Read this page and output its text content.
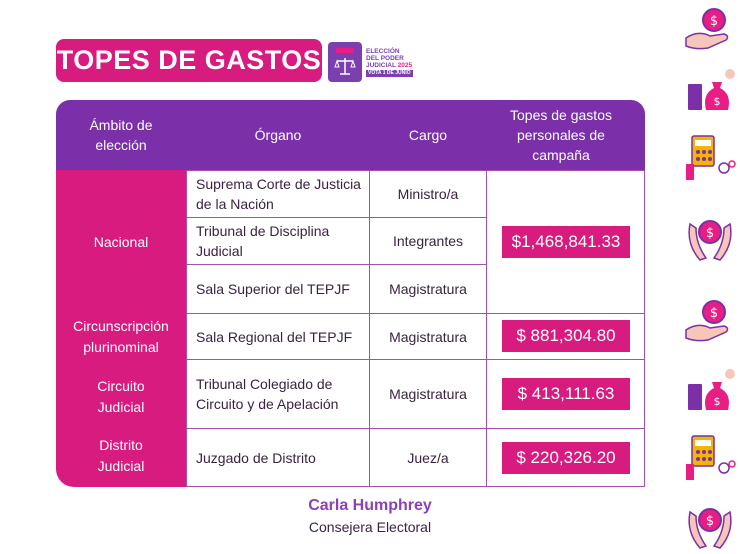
TOPES DE GASTOS	ELECCIÓN
DEL PODER
JUDICIAL 2025
VOTA 1 DE JUNIO
Ámbito de elección
Órgano	Cargo
Topes de gastos personales de campaña
Nacional
Circunscripción plurinominal
Circuito Judicial
Distrito Judicial
Suprema Corte de Justicia de la Nación
Tribunal de Disciplina Judicial
Sala Superior del TEPJF
Sala Regional del TEPJF
Tribunal Colegiado de Circuito y de Apelación
Juzgado de Distrito
Ministro/a
Integrantes
Magistratura
Magistratura
Magistratura
Juez/a
$1,468,841.33
$ 881,304.80
$ 413,111.63
$ 220,326.20
Carla Humphrey
Consejera Electoral
$
$
$
$
$
$
